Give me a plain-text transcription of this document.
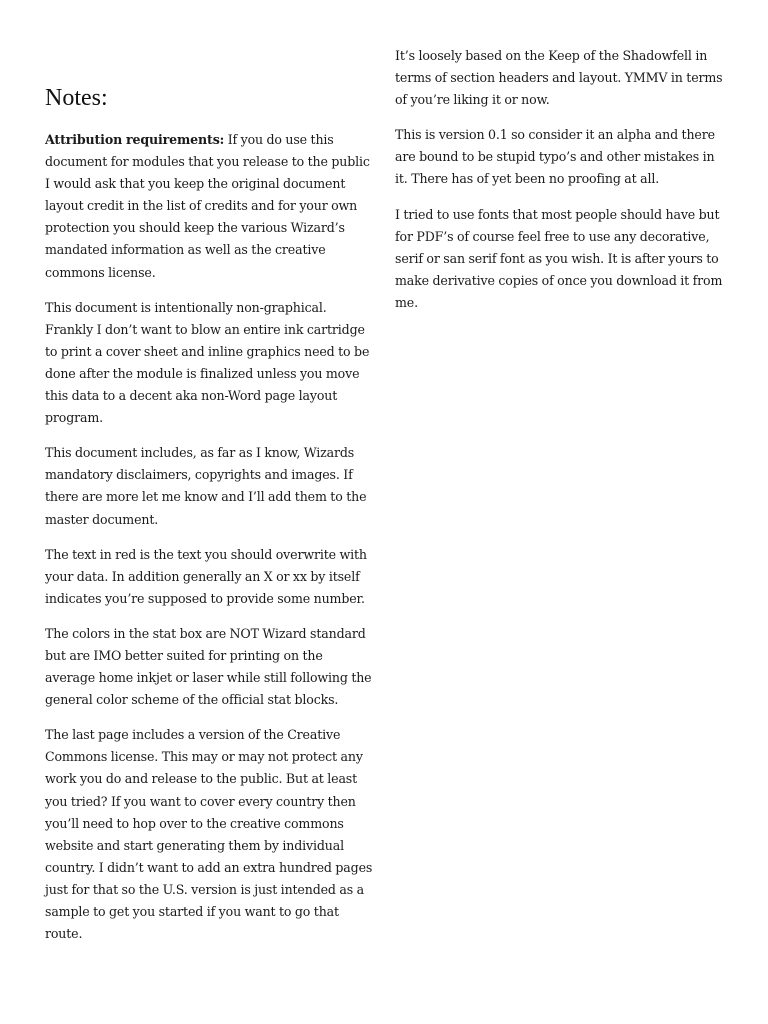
Notes:

Attribution requirements: If you do use this document for modules that you release to the public I would ask that you keep the original document layout credit in the list of credits and for your own protection you should keep the various Wizard’s mandated information as well as the creative commons license.

This document is intentionally non-graphical. Frankly I don’t want to blow an entire ink cartridge to print a cover sheet and inline graphics need to be done after the module is finalized unless you move this data to a decent aka non-Word page layout program.

This document includes, as far as I know, Wizards mandatory disclaimers, copyrights and images. If there are more let me know and I’ll add them to the master document.

The text in red is the text you should overwrite with your data. In addition generally an X or xx by itself indicates you’re supposed to provide some number.

The colors in the stat box are NOT Wizard standard but are IMO better suited for printing on the average home inkjet or laser while still following the general color scheme of the official stat blocks.

The last page includes a version of the Creative Commons license. This may or may not protect any work you do and release to the public. But at least you tried? If you want to cover every country then you’ll need to hop over to the creative commons website and start generating them by individual country. I didn’t want to add an extra hundred pages just for that so the U.S. version is just intended as a sample to get you started if you want to go that route.

It’s loosely based on the Keep of the Shadowfell in terms of section headers and layout. YMMV in terms of you’re liking it or now.

This is version 0.1 so consider it an alpha and there are bound to be stupid typo’s and other mistakes in it. There has of yet been no proofing at all.

I tried to use fonts that most people should have but for PDF’s of course feel free to use any decorative, serif or san serif font as you wish. It is after yours to make derivative copies of once you download it from me.
